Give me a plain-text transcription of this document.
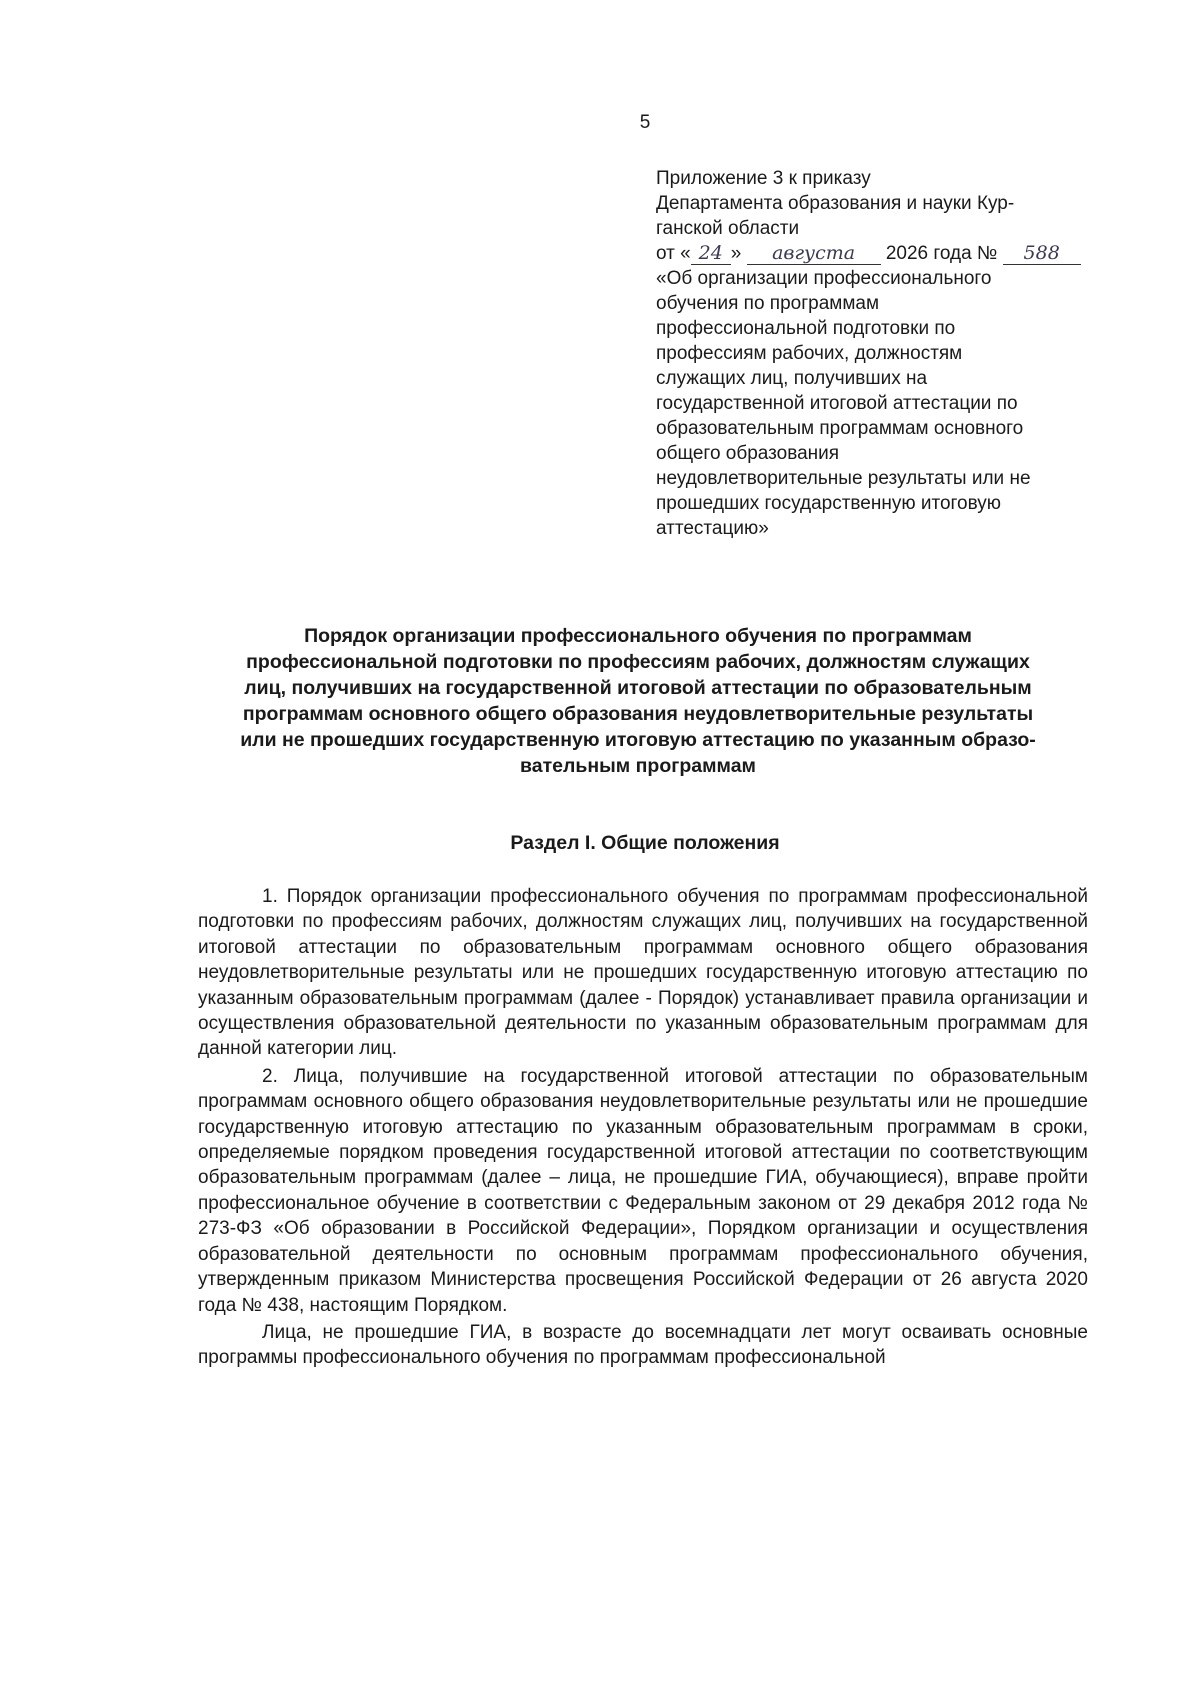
5
Приложение 3 к приказу
Департамента образования и науки Кур-
ганской области
от « 24 » августа 2026 года № 588
«Об организации профессионального
обучения по программам
профессиональной подготовки по
профессиям рабочих, должностям
служащих лиц, получивших на
государственной итоговой аттестации по
образовательным программам основного
общего образования
неудовлетворительные результаты или не
прошедших государственную итоговую
аттестацию»
Порядок организации профессионального обучения по программам
профессиональной подготовки по профессиям рабочих, должностям служащих
лиц, получивших на государственной итоговой аттестации по образовательным
программам основного общего образования неудовлетворительные результаты
или не прошедших государственную итоговую аттестацию по указанным образо-
вательным программам
Раздел I. Общие положения

1. Порядок организации профессионального обучения по программам профессиональной подготовки по профессиям рабочих, должностям служащих лиц, получивших на государственной итоговой аттестации по образовательным программам основного общего образования неудовлетворительные результаты или не прошедших государственную итоговую аттестацию по указанным образовательным программам (далее - Порядок) устанавливает правила организации и осуществления образовательной деятельности по указанным образовательным программам для данной категории лиц.

2. Лица, получившие на государственной итоговой аттестации по образовательным программам основного общего образования неудовлетворительные результаты или не прошедшие государственную итоговую аттестацию по указанным образовательным программам в сроки, определяемые порядком проведения государственной итоговой аттестации по соответствующим образовательным программам (далее – лица, не прошедшие ГИА, обучающиеся), вправе пройти профессиональное обучение в соответствии с Федеральным законом от 29 декабря 2012 года № 273-ФЗ «Об образовании в Российской Федерации», Порядком организации и осуществления образовательной деятельности по основным программам профессионального обучения, утвержденным приказом Министерства просвещения Российской Федерации от 26 августа 2020 года № 438, настоящим Порядком.

Лица, не прошедшие ГИА, в возрасте до восемнадцати лет могут осваивать основные программы профессионального обучения по программам профессиональной
